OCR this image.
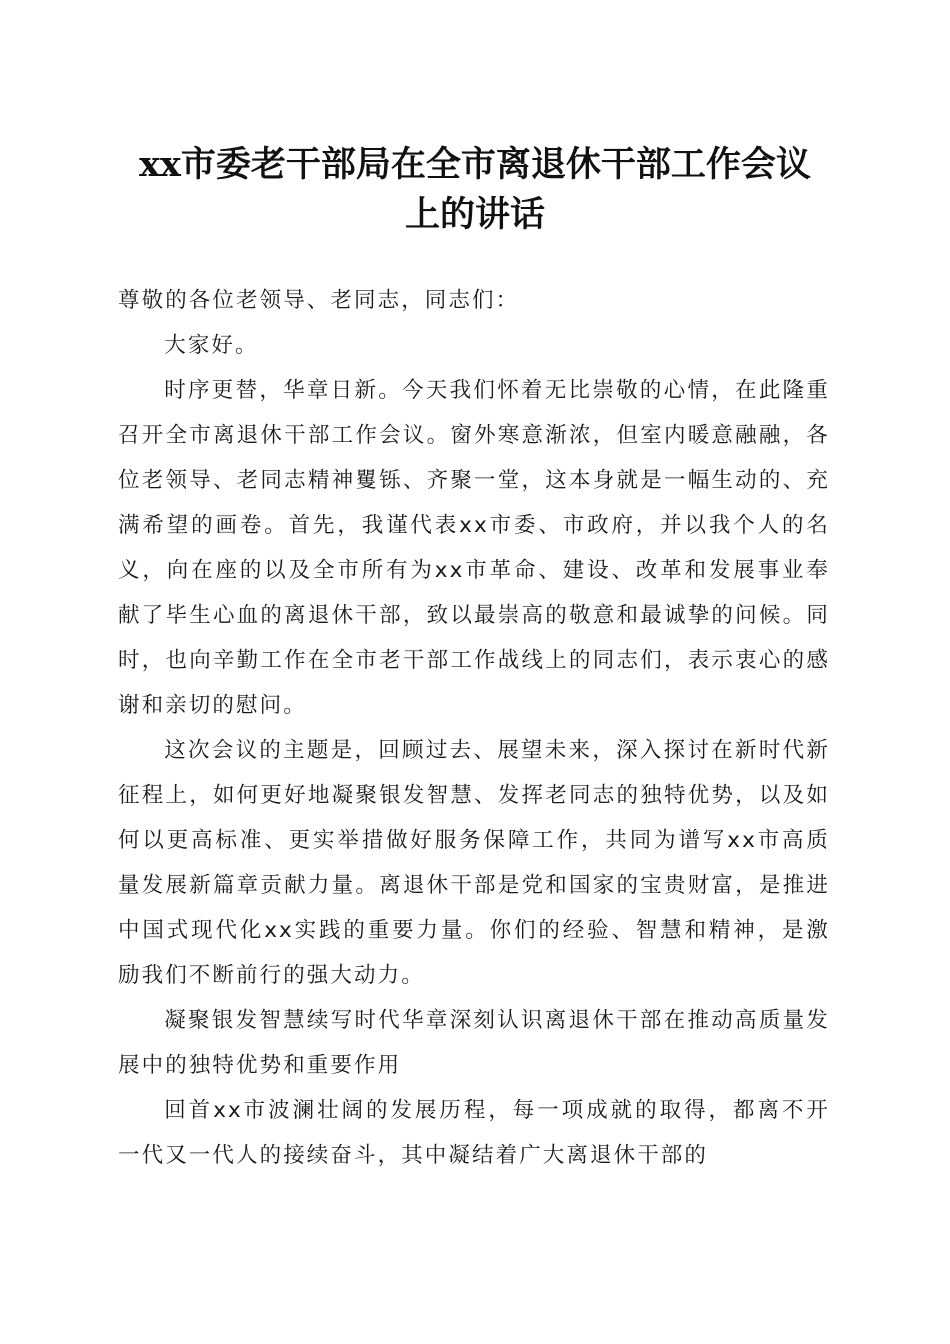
xx市委老干部局在全市离退休干部工作会议
上的讲话

尊敬的各位老领导、老同志，同志们：

大家好。

时序更替，华章日新。今天我们怀着无比崇敬的心情，在此隆重召开全市离退休干部工作会议。窗外寒意渐浓，但室内暖意融融，各位老领导、老同志精神矍铄、齐聚一堂，这本身就是一幅生动的、充满希望的画卷。首先，我谨代表xx市委、市政府，并以我个人的名义，向在座的以及全市所有为xx市革命、建设、改革和发展事业奉献了毕生心血的离退休干部，致以最崇高的敬意和最诚挚的问候。同时，也向辛勤工作在全市老干部工作战线上的同志们，表示衷心的感谢和亲切的慰问。

这次会议的主题是，回顾过去、展望未来，深入探讨在新时代新征程上，如何更好地凝聚银发智慧、发挥老同志的独特优势，以及如何以更高标准、更实举措做好服务保障工作，共同为谱写xx市高质量发展新篇章贡献力量。离退休干部是党和国家的宝贵财富，是推进中国式现代化xx实践的重要力量。你们的经验、智慧和精神，是激励我们不断前行的强大动力。

凝聚银发智慧续写时代华章深刻认识离退休干部在推动高质量发展中的独特优势和重要作用

回首xx市波澜壮阔的发展历程，每一项成就的取得，都离不开一代又一代人的接续奋斗，其中凝结着广大离退休干部的
